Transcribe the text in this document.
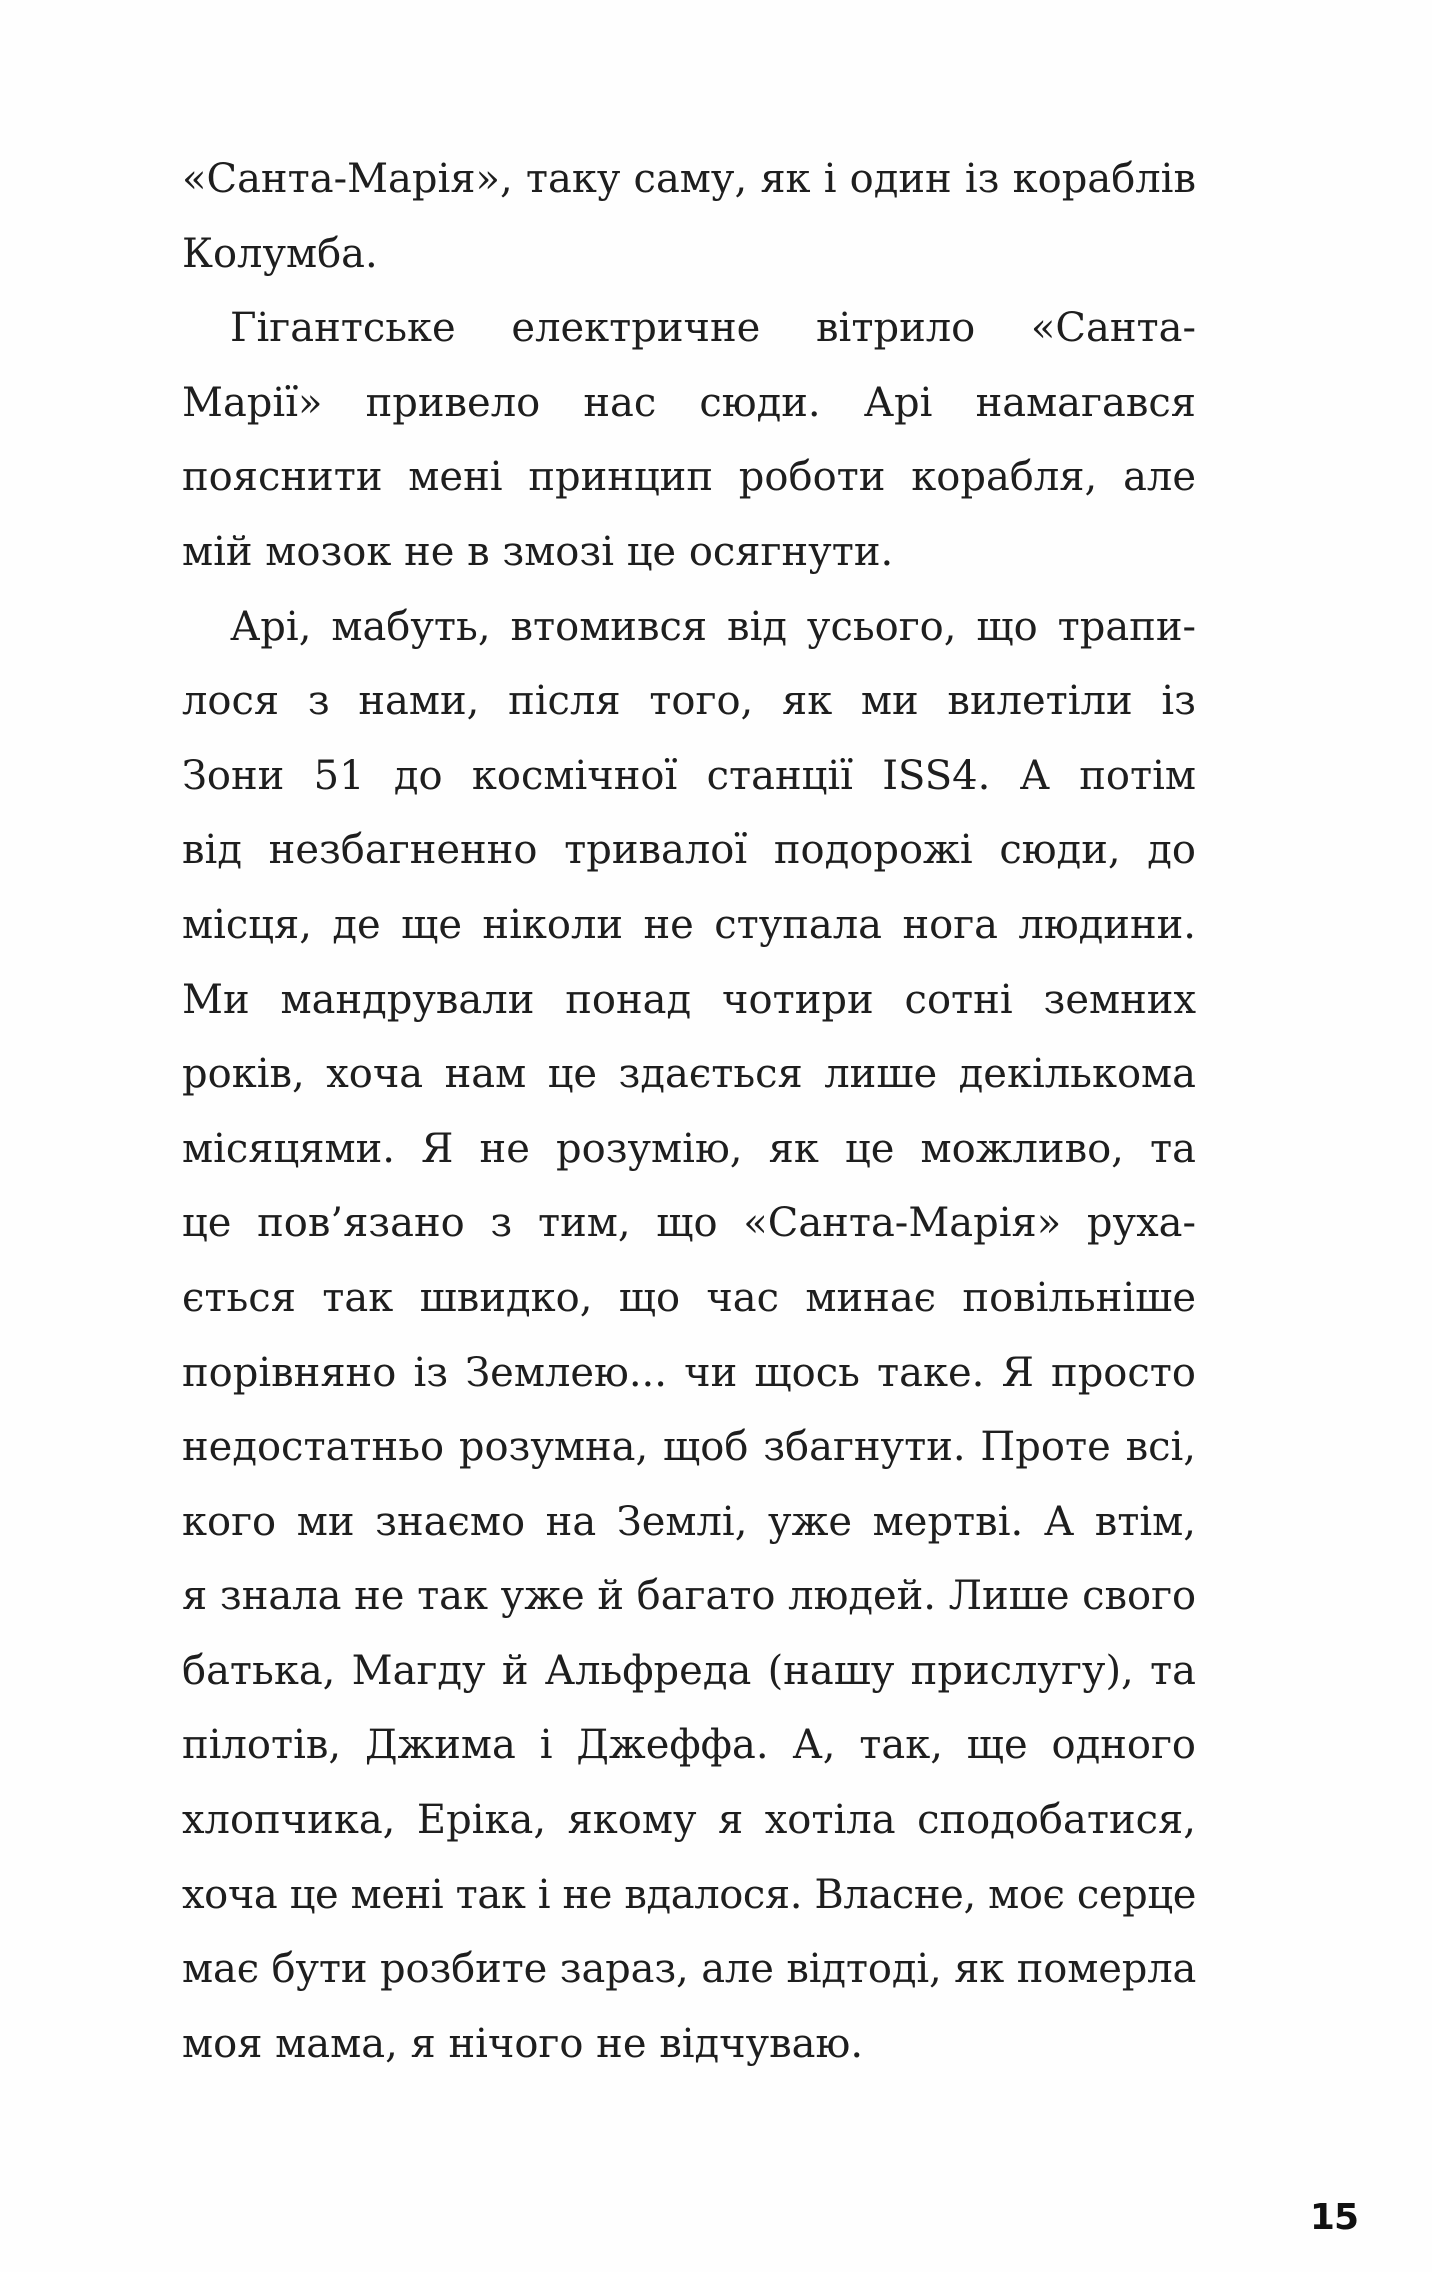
«Санта-Марія», таку саму, як і один із кораблів
Колумба.

Гігантське електричне вітрило «Санта-
Марії» привело нас сюди. Арі намагався
пояснити мені принцип роботи корабля, але
мій мозок не в змозі це осягнути.

Арі, мабуть, втомився від усього, що трапи-
лося з нами, після того, як ми вилетіли із
Зони 51 до космічної станції ISS4. А потім
від незбагненно тривалої подорожі сюди, до
місця, де ще ніколи не ступала нога людини.
Ми мандрували понад чотири сотні земних
років, хоча нам це здається лише декількома
місяцями. Я не розумію, як це можливо, та
це пов’язано з тим, що «Санта-Марія» руха-
ється так швидко, що час минає повільніше
порівняно із Землею... чи щось таке. Я просто
недостатньо розумна, щоб збагнути. Проте всі,
кого ми знаємо на Землі, уже мертві. А втім,
я знала не так уже й багато людей. Лише свого
батька, Магду й Альфреда (нашу прислугу), та
пілотів, Джима і Джеффа. А, так, ще одного
хлопчика, Еріка, якому я хотіла сподобатися,
хоча це мені так і не вдалося. Власне, моє серце
має бути розбите зараз, але відтоді, як померла
моя мама, я нічого не відчуваю.

15
